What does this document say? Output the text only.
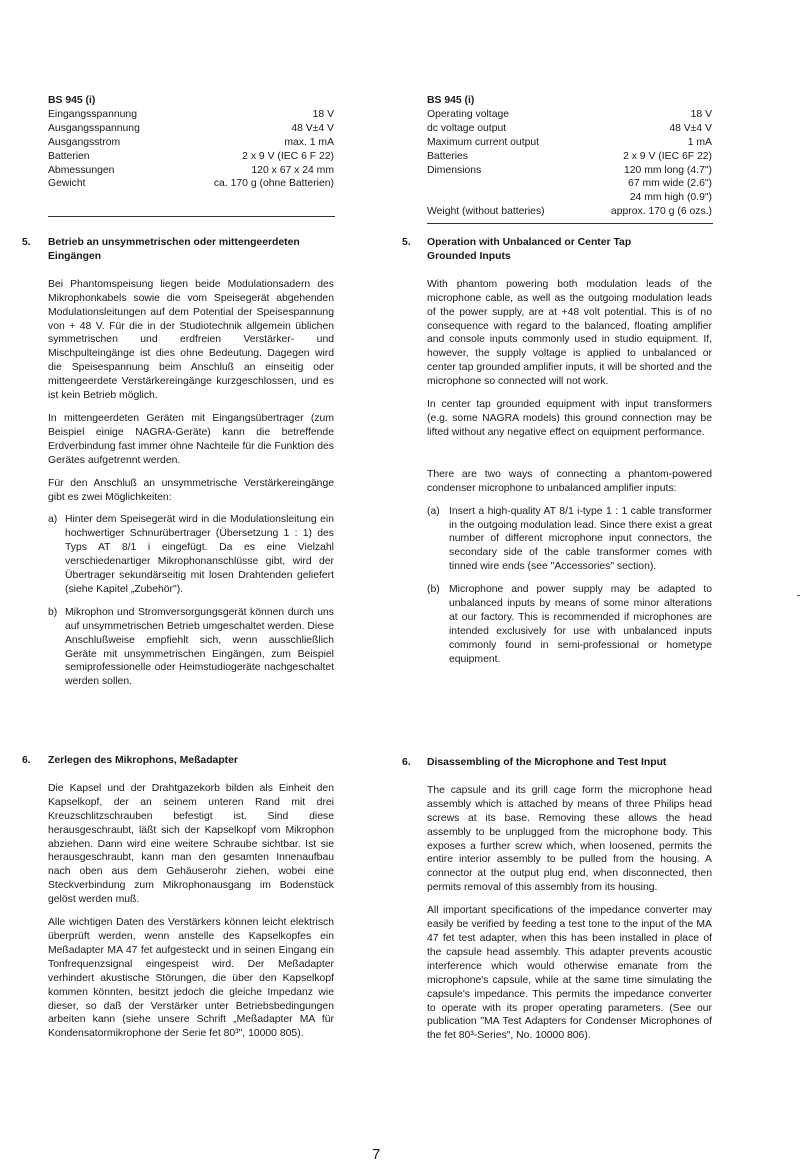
BS 945 (i)
Eingangsspannung	18 V
Ausgangsspannung	48 V±4 V
Ausgangsstrom	max. 1 mA
Batterien	2 x 9 V (IEC 6 F 22)
Abmessungen	120 x 67 x 24 mm
Gewicht	ca. 170 g (ohne Batterien)
BS 945 (i)
Operating voltage	18 V
dc voltage output	48 V±4 V
Maximum current output	1 mA
Batteries	2 x 9 V (IEC 6F 22)
Dimensions	120 mm long (4.7")
67 mm wide (2.6")
24 mm high (0.9")
Weight (without batteries)	approx. 170 g (6 ozs.)
5. Betrieb an unsymmetrischen oder mittengeerdeten Eingängen

Bei Phantomspeisung liegen beide Modulationsadern des Mikrophonkabels sowie die vom Speisegerät abgehenden Modulationsleitungen auf dem Potential der Speisespannung von + 48 V. Für die in der Studiotechnik allgemein üblichen symmetrischen und erdfreien Verstärker- und Mischpulteingänge ist dies ohne Bedeutung. Dagegen wird die Speisespannung beim Anschluß an einseitig oder mittengeerdete Verstärkereingänge kurzgeschlossen, und es ist kein Betrieb möglich.

In mittengeerdeten Geräten mit Eingangsübertrager (zum Beispiel einige NAGRA-Geräte) kann die betreffende Erdverbindung fast immer ohne Nachteile für die Funktion des Gerätes aufgetrennt werden.

Für den Anschluß an unsymmetrische Verstärkereingänge gibt es zwei Möglichkeiten:

a) Hinter dem Speisegerät wird in die Modulationsleitung ein hochwertiger Schnurübertrager (Übersetzung 1 : 1) des Typs AT 8/1 i eingefügt. Da es eine Vielzahl verschiedenartiger Mikrophonanschlüsse gibt, wird der Übertrager sekundärseitig mit losen Drahtenden geliefert (siehe Kapitel „Zubehör").
b) Mikrophon und Stromversorgungsgerät können durch uns auf unsymmetrischen Betrieb umgeschaltet werden. Diese Anschlußweise empfiehlt sich, wenn ausschließlich Geräte mit unsymmetrischen Eingängen, zum Beispiel semiprofessionelle oder Heimstudiogeräte nachgeschaltet werden sollen.
5. Operation with Unbalanced or Center Tap Grounded Inputs

With phantom powering both modulation leads of the microphone cable, as well as the outgoing modulation leads of the power supply, are at +48 volt potential. This is of no consequence with regard to the balanced, floating amplifier and console inputs commonly used in studio equipment. If, however, the supply voltage is applied to unbalanced or center tap grounded amplifier inputs, it will be shorted and the microphone so connected will not work.

In center tap grounded equipment with input transformers (e.g. some NAGRA models) this ground connection may be lifted without any negative effect on equipment performance.

There are two ways of connecting a phantom-powered condenser microphone to unbalanced amplifier inputs:

(a) Insert a high-quality AT 8/1 i-type 1 : 1 cable transformer in the outgoing modulation lead. Since there exist a great number of different microphone input connectors, the secondary side of the cable transformer comes with tinned wire ends (see "Accessories" section).
(b) Microphone and power supply may be adapted to unbalanced inputs by means of some minor alterations at our factory. This is recommended if microphones are intended exclusively for use with unbalanced inputs commonly found in semi-professional or hometype equipment.
6. Zerlegen des Mikrophons, Meßadapter

Die Kapsel und der Drahtgazekorb bilden als Einheit den Kapselkopf, der an seinem unteren Rand mit drei Kreuzschlitzschrauben befestigt ist. Sind diese herausgeschraubt, läßt sich der Kapselkopf vom Mikrophon abziehen. Dann wird eine weitere Schraube sichtbar. Ist sie herausgeschraubt, kann man den gesamten Innenaufbau nach oben aus dem Gehäuserohr ziehen, wobei eine Steckverbindung zum Mikrophonausgang im Bodenstück gelöst werden muß.

Alle wichtigen Daten des Verstärkers können leicht elektrisch überprüft werden, wenn anstelle des Kapselkopfes ein Meßadapter MA 47 fet aufgesteckt und in seinen Eingang ein Tonfrequenzsignal eingespeist wird. Der Meßadapter verhindert akustische Störungen, die über den Kapselkopf kommen könnten, besitzt jedoch die gleiche Impedanz wie dieser, so daß der Verstärker unter Betriebsbedingungen arbeiten kann (siehe unsere Schrift „Meßadapter MA für Kondensatormikrophone der Serie fet 80³", 10000 805).

6. Disassembling of the Microphone and Test Input

The capsule and its grill cage form the microphone head assembly which is attached by means of three Philips head screws at its base. Removing these allows the head assembly to be unplugged from the microphone body. This exposes a further screw which, when loosened, permits the entire interior assembly to be pulled from the housing. A connector at the output plug end, when disconnected, then permits removal of this assembly from its housing.

All important specifications of the impedance converter may easily be verified by feeding a test tone to the input of the MA 47 fet test adapter, when this has been installed in place of the capsule head assembly. This adapter prevents acoustic interference which would otherwise emanate from the microphone's capsule, while at the same time simulating the capsule's impedance. This permits the impedance converter to operate with its proper operating parameters. (See our publication "MA Test Adapters for Condenser Microphones of the fet 80³-Series", No. 10000 806).

7
